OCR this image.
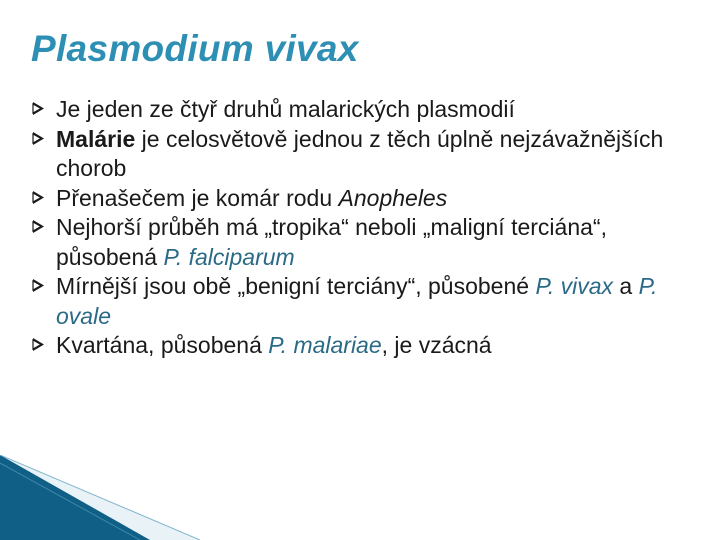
Plasmodium vivax
Je jeden ze čtyř druhů malarických plasmodií
Malárie je celosvětově jednou z těch úplně nejzávažnějších chorob
Přenašečem je komár rodu Anopheles
Nejhorší průběh má „tropika“ neboli „maligní terciána“, působená P. falciparum
Mírnější jsou obě „benigní terciány“, působené P. vivax a P. ovale
Kvartána, působená P. malariae, je vzácná
